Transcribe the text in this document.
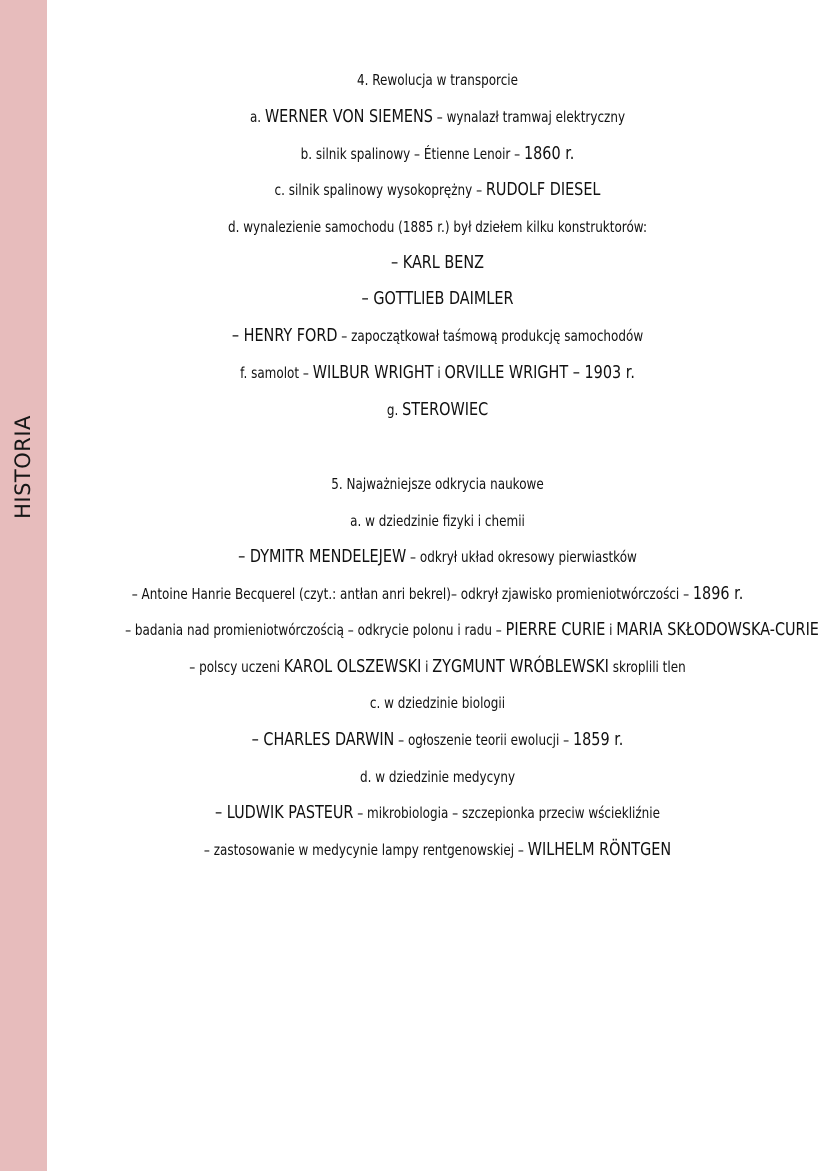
HISTORIA
4. Rewolucja w transporcie
a. WERNER VON SIEMENS – wynalazł tramwaj elektryczny
b. silnik spalinowy – Étienne Lenoir – 1860 r.
c. silnik spalinowy wysokoprężny – RUDOLF DIESEL
d. wynalezienie samochodu (1885 r.) był dziełem kilku konstruktorów:
– KARL BENZ
– GOTTLIEB DAIMLER
– HENRY FORD – zapoczątkował taśmową produkcję samochodów
f. samolot – WILBUR WRIGHT i ORVILLE WRIGHT – 1903 r.
g. STEROWIEC
5. Najważniejsze odkrycia naukowe
a. w dziedzinie fizyki i chemii
– DYMITR MENDELEJEW – odkrył układ okresowy pierwiastków
– Antoine Hanrie Becquerel (czyt.: antłan anri bekrel)– odkrył zjawisko promieniotwórczości – 1896 r.
– badania nad promieniotwórczością – odkrycie polonu i radu – PIERRE CURIE i MARIA SKŁODOWSKA-CURIE
– polscy uczeni KAROL OLSZEWSKI i ZYGMUNT WRÓBLEWSKI skroplili tlen
c. w dziedzinie biologii
– CHARLES DARWIN – ogłoszenie teorii ewolucji – 1859 r.
d. w dziedzinie medycyny
– LUDWIK PASTEUR – mikrobiologia – szczepionka przeciw wściekliźnie
– zastosowanie w medycynie lampy rentgenowskiej – WILHELM RÖNTGEN
